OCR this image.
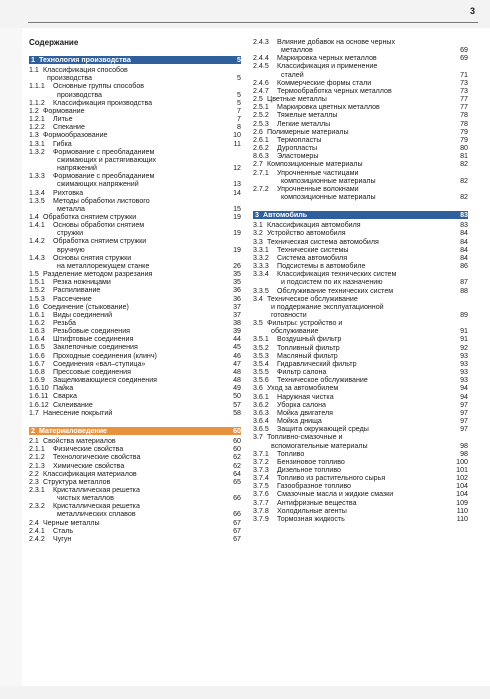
3
Содержание
1 Технология производства	5
1.1 Классификация способов
производства	5
1.1.1 Основные группы способов
производства	5
1.1.2 Классификация производства	5
1.2 Формование	7
1.2.1 Литье	7
1.2.2 Спекание	8
1.3 Формообразование	10
1.3.1 Гибка	11
1.3.2 Формование с преобладанием
сжимающих и растягивающих
напряжений	12
1.3.3 Формование с преобладанием
сжимающих напряжений	13
1.3.4 Рихтовка	14
1.3.5 Методы обработки листового
металла	15
1.4 Обработка снятием стружки	19
1.4.1 Основы обработки снятием
стружки	19
1.4.2 Обработка снятием стружки
вручную	19
1.4.3 Основы снятия стружки
на металлорежущем станке	26
1.5 Разделение методом разрезания	35
1.5.1 Резка ножницами	35
1.5.2 Распиливание	36
1.5.3 Рассечение	36
1.6 Соединение (стыкование)	37
1.6.1 Виды соединений	37
1.6.2 Резьба	38
1.6.3 Резьбовые соединения	39
1.6.4 Штифтовые соединения	44
1.6.5 Заклепочные соединения	45
1.6.6 Проходные соединения (клинч)	46
1.6.7 Соединения «вал–ступица»	47
1.6.8 Прессовые соединения	48
1.6.9 Защелкивающиеся соединения	48
1.6.10 Пайка	49
1.6.11 Сварка	50
1.6.12 Склеивание	57
1.7 Нанесение покрытий	58
2 Материаловедение	60
2.1 Свойства материалов	60
2.1.1 Физические свойства	60
2.1.2 Технологические свойства	62
2.1.3 Химические свойства	62
2.2 Классификация материалов	64
2.3 Структура металлов	65
2.3.1 Кристаллическая решетка
чистых металлов	66
2.3.2 Кристаллическая решетка
металлических сплавов	66
2.4 Черные металлы	67
2.4.1 Сталь	67
2.4.2 Чугун	67
2.4.3 Влияние добавок на основе черных
металлов	69
2.4.4 Маркировка черных металлов	69
2.4.5 Классификация и применение
сталей	71
2.4.6 Коммерческие формы стали	73
2.4.7 Термообработка черных металлов	73
2.5 Цветные металлы	77
2.5.1 Маркировка цветных металлов	77
2.5.2 Тяжелые металлы	78
2.5.3 Легкие металлы	78
2.6 Полимерные материалы	79
2.6.1 Термопласты	79
2.6.2 Дуропласты	80
8.6.3 Эластомеры	81
2.7 Композиционные материалы	82
2.7.1 Упрочненные частицами
композиционные материалы	82
2.7.2 Упрочненные волокнами
композиционные материалы	82
3 Автомобиль	83
3.1 Классификация автомобиля	83
3.2 Устройство автомобиля	84
3.3 Техническая система автомобиля	84
3.3.1 Технические системы	84
3.3.2 Система автомобиля	84
3.3.3 Подсистемы в автомобиле	86
3.3.4 Классификация технических систем
и подсистем по их назначению	87
3.3.5 Обслуживание технических систем	88
3.4 Техническое обслуживание
и поддержание эксплуатационной
готовности	89
3.5 Фильтры: устройство и
обслуживание	91
3.5.1 Воздушный фильтр	91
3.5.2 Топливный фильтр	92
3.5.3 Масляный фильтр	93
3.5.4 Гидравлический фильтр	93
3.5.5 Фильтр салона	93
3.5.6 Техническое обслуживание	93
3.6 Уход за автомобилем	94
3.6.1 Наружная чистка	94
3.6.2 Уборка салона	97
3.6.3 Мойка двигателя	97
3.6.4 Мойка днища	97
3.6.5 Защита окружающей среды	97
3.7 Топливно-смазочные и
вспомогательные материалы	98
3.7.1 Топливо	98
3.7.2 Бензиновое топливо	100
3.7.3 Дизельное топливо	101
3.7.4 Топливо из растительного сырья	102
3.7.5 Газообразное топливо	104
3.7.6 Смазочные масла и жидкие смазки	104
3.7.7 Антифризные вещества	109
3.7.8 Холодильные агенты	110
3.7.9 Тормозная жидкость	110
